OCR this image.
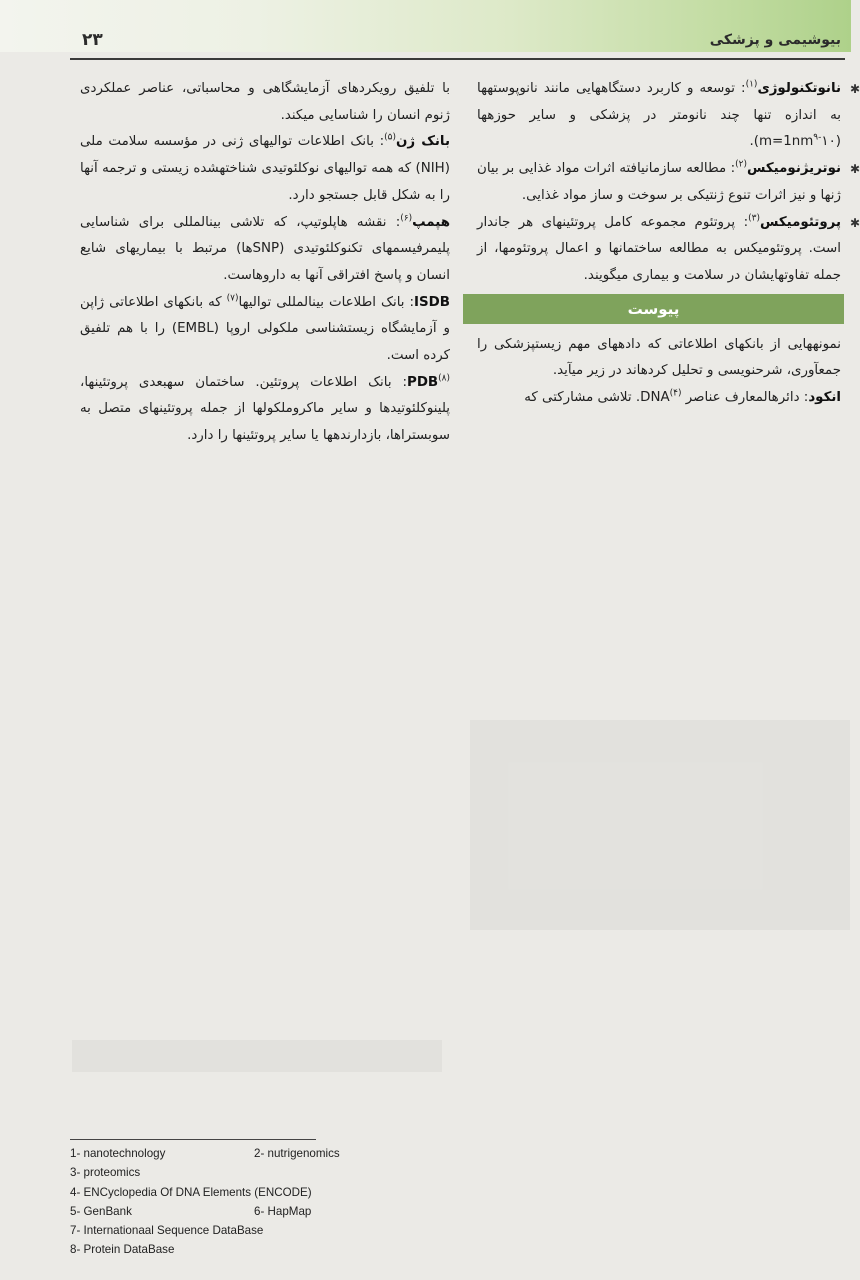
۲۳	بیوشیمی و پزشکی

✱
نانوتکنولوژی$^{(۱)}$: توسعه و کاربرد دستگاههایی مانند نانوپوستهها به اندازه تنها چند نانومتر در پزشکی و سایر حوزهها $(m=1nm^{۹-}۱۰)$.

✱
نوتریژنومیکس$^{(۲)}$: مطالعه سازمانیافته اثرات مواد غذایی بر بیان ژنها و نیز اثرات تنوع ژنتیکی بر سوخت و ساز مواد غذایی.

✱
پروتئومیکس$^{(۳)}$: پروتئوم مجموعه کامل پروتئینهای هر جاندار است. پروتئومیکس به مطالعه ساختمانها و اعمال پروتئومها، از جمله تفاوتهایشان در سلامت و بیماری میگویند.

پیوست

نمونههایی از بانکهای اطلاعاتی که دادههای مهم زیستپزشکی را جمعآوری، شرحنویسی و تحلیل کردهاند در زیر میآید.

انکود: دائرهالمعارف عناصر DNA$^{(۴)}$. تلاشی مشارکتی که

با تلفیق رویکردهای آزمایشگاهی و محاسباتی، عناصر عملکردی ژنوم انسان را شناسایی میکند.

بانک ژن$^{(۵)}$: بانک اطلاعات توالیهای ژنی در مؤسسه سلامت ملی (NIH) که همه توالیهای نوکلئوتیدی شناختهشده زیستی و ترجمه آنها را به شکل قابل جستجو دارد.

هپمپ$^{(۶)}$: نقشه هاپلوتیپ، که تلاشی بینالمللی برای شناسایی پلیمرفیسمهای تکنوکلئوتیدی (SNPها) مرتبط با بیماریهای شایع انسان و پاسخ افتراقی آنها به داروهاست.

ISDB: بانک اطلاعات بینالمللی توالیها$^{(۷)}$ که بانکهای اطلاعاتی ژاپن و آزمایشگاه زیستشناسی ملکولی اروپا (EMBL) را با هم تلفیق کرده است.

PDB$^{(۸)}$: بانک اطلاعات پروتئین. ساختمان سهبعدی پروتئینها، پلینوکلئوتیدها و سایر ماکروملکولها از جمله پروتئینهای متصل به سوبستراها، بازدارندهها یا سایر پروتئینها را دارد.

1- nanotechnology	2- nutrigenomics
3- proteomics
4- ENCyclopedia Of DNA Elements (ENCODE)
5- GenBank	6- HapMap
7- Internationaal Sequence DataBase
8- Protein DataBase
